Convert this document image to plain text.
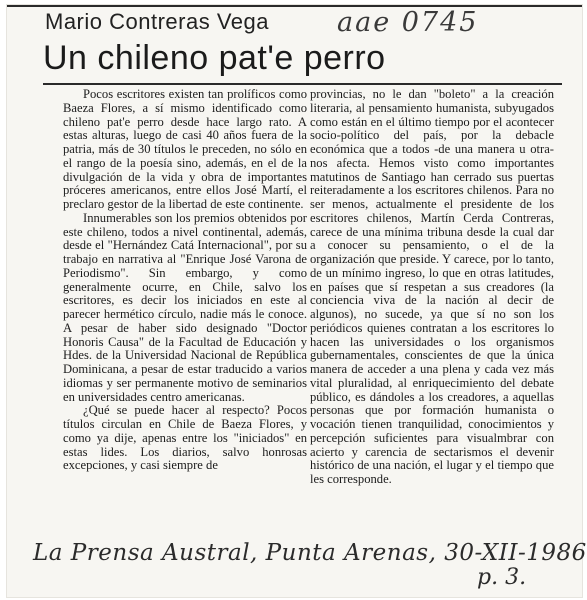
Mario Contreras Vega	aae 0745
Un chileno pat'e perro

Pocos escritores existen tan prolíficos como Baeza Flores, a sí mismo identificado como chileno pat'e perro desde hace largo rato. A estas alturas, luego de casi 40 años fuera de la patria, más de 30 títulos le preceden, no sólo en el rango de la poesía sino, además, en el de la divulgación de la vida y obra de importantes próceres americanos, entre ellos José Martí, el preclaro gestor de la libertad de este continente.

Innumerables son los premios obtenidos por este chileno, todos a nivel continental, además, desde el "Hernández Catá Internacional", por su trabajo en narrativa al "Enrique José Varona de Periodismo". Sin embargo, y como generalmente ocurre, en Chile, salvo los escritores, es decir los iniciados en este al parecer hermético círculo, nadie más le conoce. A pesar de haber sido designado "Doctor Honoris Causa" de la Facultad de Educación y Hdes. de la Universidad Nacional de República Dominicana, a pesar de estar traducido a varios idiomas y ser permanente motivo de seminarios en universidades centro americanas.

¿Qué se puede hacer al respecto? Pocos títulos circulan en Chile de Baeza Flores, y como ya dije, apenas entre los "iniciados" en estas lides. Los diarios, salvo honrosas excepciones, y casi siempre de

provincias, no le dan "boleto" a la creación literaria, al pensamiento humanista, subyugados como están en el último tiempo por el acontecer socio-político del país, por la debacle económica que a todos -de una manera u otra- nos afecta. Hemos visto como importantes matutinos de Santiago han cerrado sus puertas reiteradamente a los escritores chilenos. Para no ser menos, actualmente el presidente de los escritores chilenos, Martín Cerda Contreras, carece de una mínima tribuna desde la cual dar a conocer su pensamiento, o el de la organización que preside. Y carece, por lo tanto, de un mínimo ingreso, lo que en otras latitudes, en países que sí respetan a sus creadores (la conciencia viva de la nación al decir de algunos), no sucede, ya que sí no son los periódicos quienes contratan a los escritores lo hacen las universidades o los organismos gubernamentales, conscientes de que la única manera de acceder a una plena y cada vez más vital pluralidad, al enriquecimiento del debate público, es dándoles a los creadores, a aquellas personas que por formación humanista o vocación tienen tranquilidad, conocimientos y percepción suficientes para visualmbrar con acierto y carencia de sectarismos el devenir histórico de una nación, el lugar y el tiempo que les corresponde.

La Prensa Austral, Punta Arenas, 30-XII-1986
p. 3.
